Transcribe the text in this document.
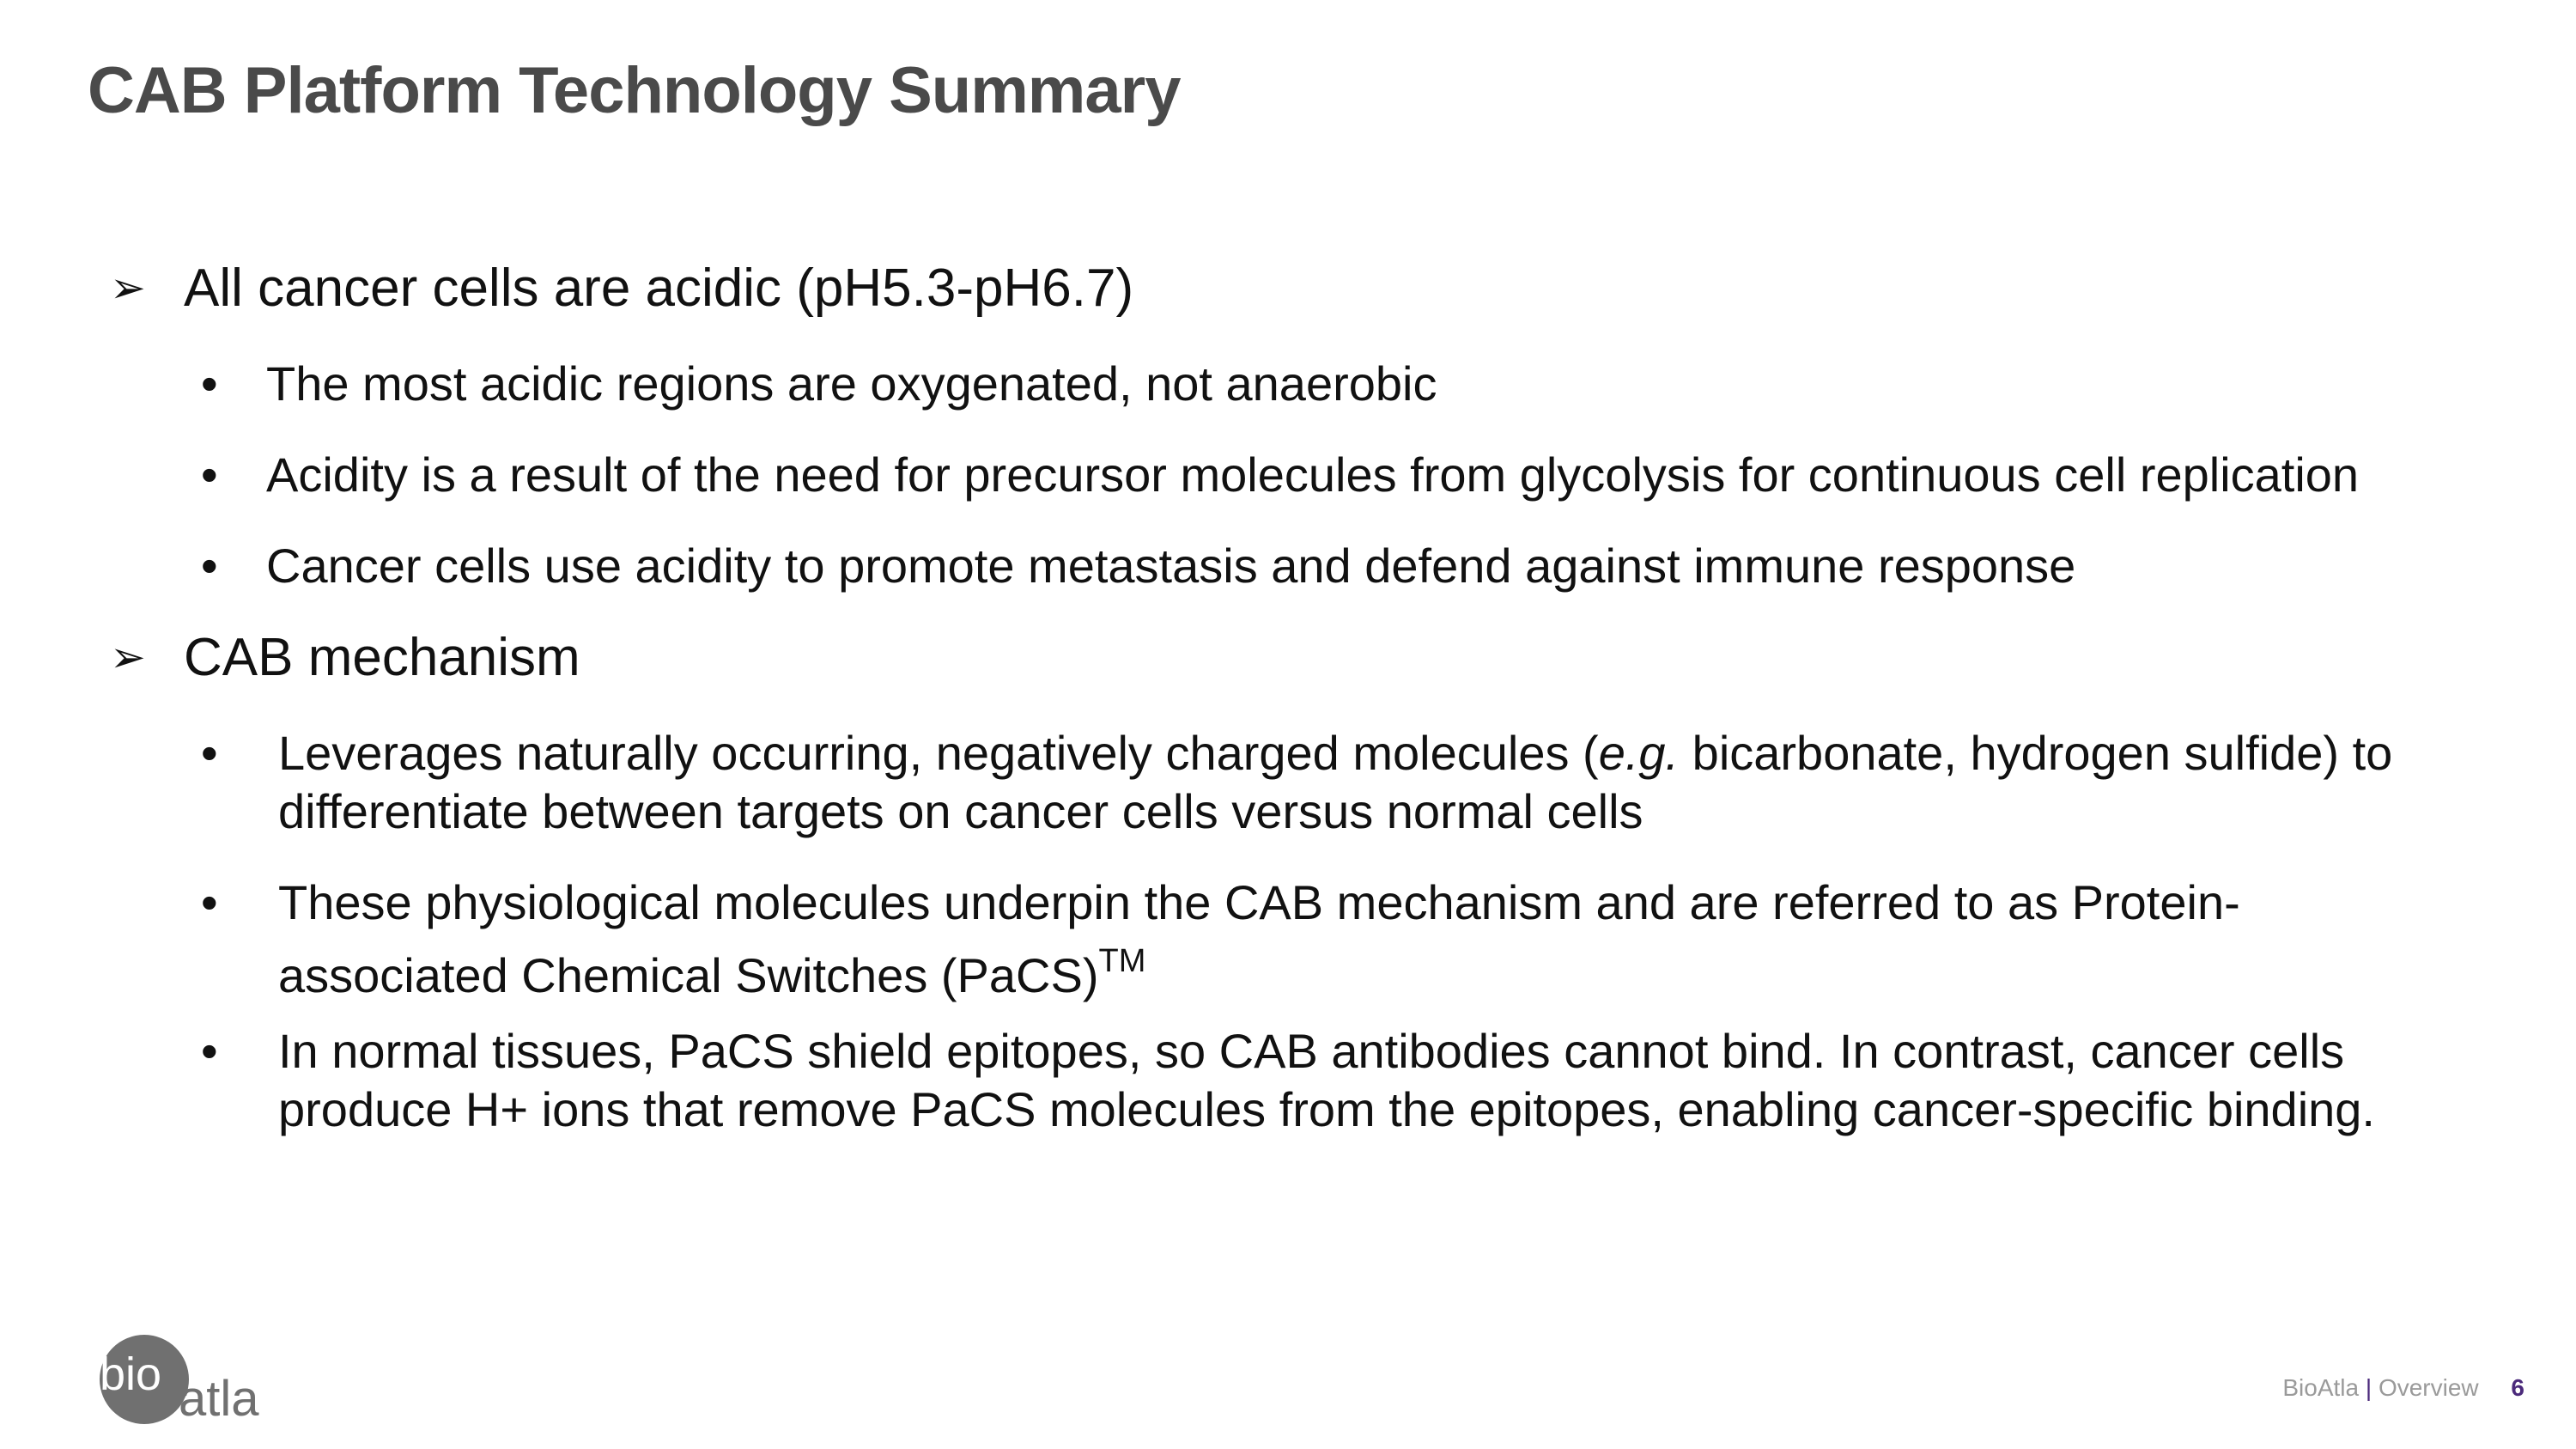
CAB Platform Technology Summary
➢ All cancer cells are acidic (pH5.3-pH6.7)
•	The most acidic regions are oxygenated, not anaerobic
•	Acidity is a result of the need for precursor molecules from glycolysis for continuous cell replication
•	Cancer cells use acidity to promote metastasis and defend against immune response
➢ CAB mechanism
•	Leverages naturally occurring, negatively charged molecules (e.g. bicarbonate, hydrogen sulfide) to
differentiate between targets on cancer cells versus normal cells
•	These physiological molecules underpin the CAB mechanism and are referred to as Protein-
associated Chemical Switches (PaCS)™
•	In normal tissues, PaCS shield epitopes, so CAB antibodies cannot bind. In contrast, cancer cells
produce H+ ions that remove PaCS molecules from the epitopes, enabling cancer-specific binding.
bio atla	BioAtla | Overview 6
